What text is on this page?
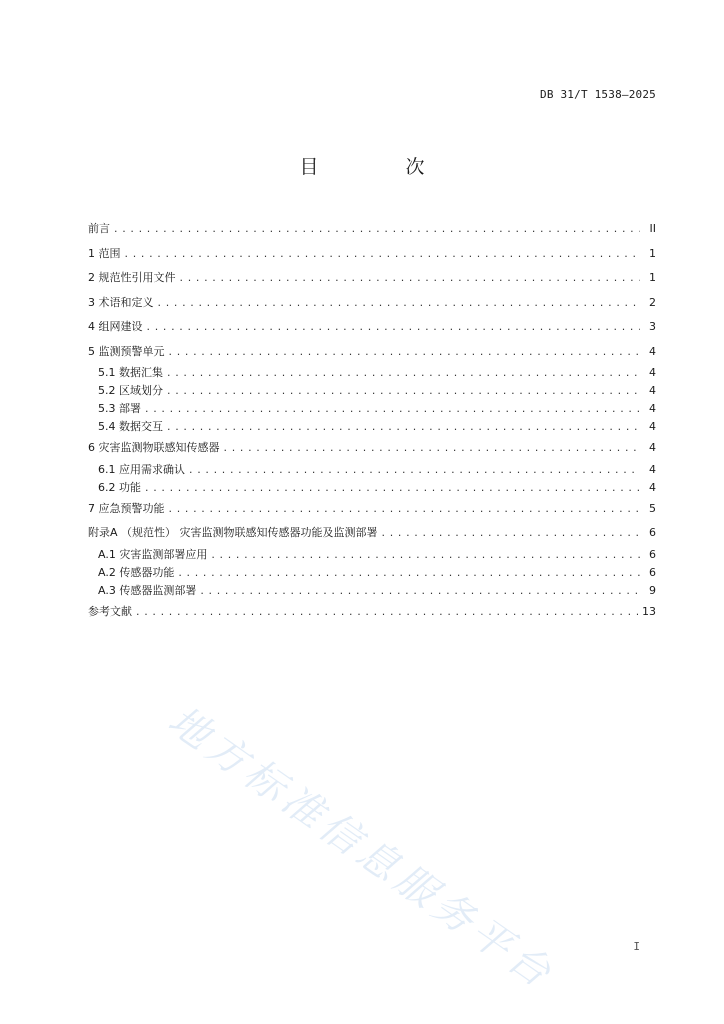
DB 31/T 1538—2025
目　次
前言 . . .	II
1 范围 . . .	1
2 规范性引用文件 . . .	1
3 术语和定义 . . .	2
4 组网建设 . . .	3
5 监测预警单元 . . .	4
5.1 数据汇集 . . .	4
5.2 区域划分 . . .	4
5.3 部署 . . .	4
5.4 数据交互 . . .	4
6 灾害监测物联感知传感器 . . .	4
6.1 应用需求确认 . . .	4
6.2 功能 . . .	4
7 应急预警功能 . . .	5
附录A （规范性） 灾害监测物联感知传感器功能及监测部署 . . .	6
A.1 灾害监测部署应用 . . .	6
A.2 传感器功能 . . .	6
A.3 传感器监测部署 . . .	9
参考文献 . . .	13
地方标准信息服务平台	I
